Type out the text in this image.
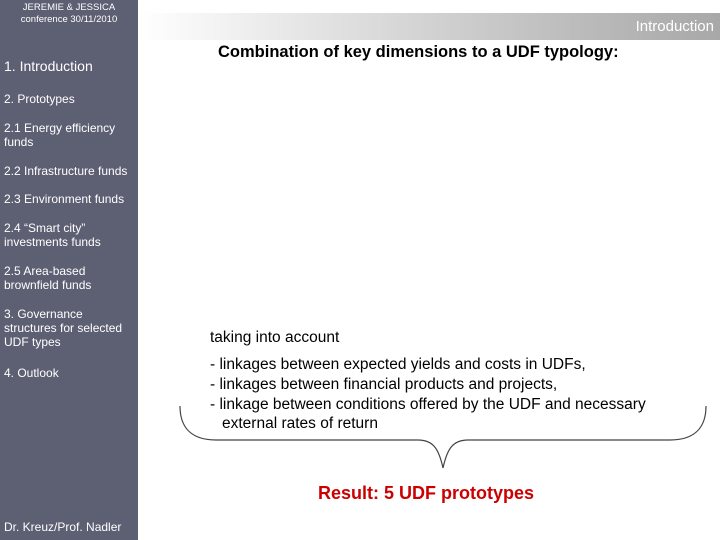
JEREMIE & JESSICA
conference 30/11/2010
1. Introduction
2. Prototypes
2.1 Energy efficiency funds
2.2 Infrastructure funds
2.3 Environment funds
2.4 “Smart city” investments funds
2.5 Area-based brownfield funds
3. Governance structures for selected UDF types
4. Outlook
Dr. Kreuz/Prof. Nadler
Introduction
Combination of key dimensions to a UDF typology:
taking into account
- linkages between expected yields and costs in UDFs,
- linkages between financial products and projects,
- linkage between conditions offered by the UDF and necessary
external rates of return
Result: 5 UDF prototypes
